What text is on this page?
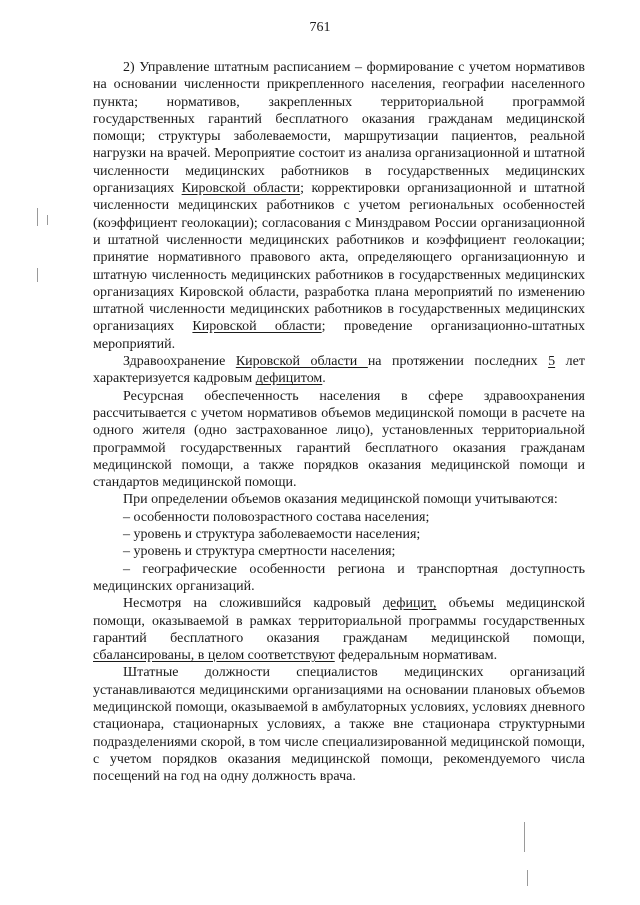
761

2) Управление штатным расписанием – формирование с учетом нормативов на основании численности прикрепленного населения, географии населенного пункта; нормативов, закрепленных территориальной программой государственных гарантий бесплатного оказания гражданам медицинской помощи; структуры заболеваемости, маршрутизации пациентов, реальной нагрузки на врачей. Мероприятие состоит из анализа организационной и штатной численности медицинских работников в государственных медицинских организациях Кировской области; корректировки организационной и штатной численности медицинских работников с учетом региональных особенностей (коэффициент геолокации); согласования с Минздравом России организационной и штатной численности медицинских работников и коэффициент геолокации; принятие нормативного правового акта, определяющего организационную и штатную численность медицинских работников в государственных медицинских организациях Кировской области, разработка плана мероприятий по изменению штатной численности медицинских работников в государственных медицинских организациях Кировской области; проведение организационно-штатных мероприятий.

Здравоохранение Кировской области на протяжении последних 5 лет характеризуется кадровым дефицитом.

Ресурсная обеспеченность населения в сфере здравоохранения рассчитывается с учетом нормативов объемов медицинской помощи в расчете на одного жителя (одно застрахованное лицо), установленных территориальной программой государственных гарантий бесплатного оказания гражданам медицинской помощи, а также порядков оказания медицинской помощи и стандартов медицинской помощи.

При определении объемов оказания медицинской помощи учитываются:

– особенности половозрастного состава населения;

– уровень и структура заболеваемости населения;

– уровень и структура смертности населения;

– географические особенности региона и транспортная доступность медицинских организаций.

Несмотря на сложившийся кадровый дефицит, объемы медицинской помощи, оказываемой в рамках территориальной программы государственных гарантий бесплатного оказания гражданам медицинской помощи, сбалансированы, в целом соответствуют федеральным нормативам.

Штатные должности специалистов медицинских организаций устанавливаются медицинскими организациями на основании плановых объемов медицинской помощи, оказываемой в амбулаторных условиях, условиях дневного стационара, стационарных условиях, а также вне стационара структурными подразделениями скорой, в том числе специализированной медицинской помощи, с учетом порядков оказания медицинской помощи, рекомендуемого числа посещений на год на одну должность врача.
